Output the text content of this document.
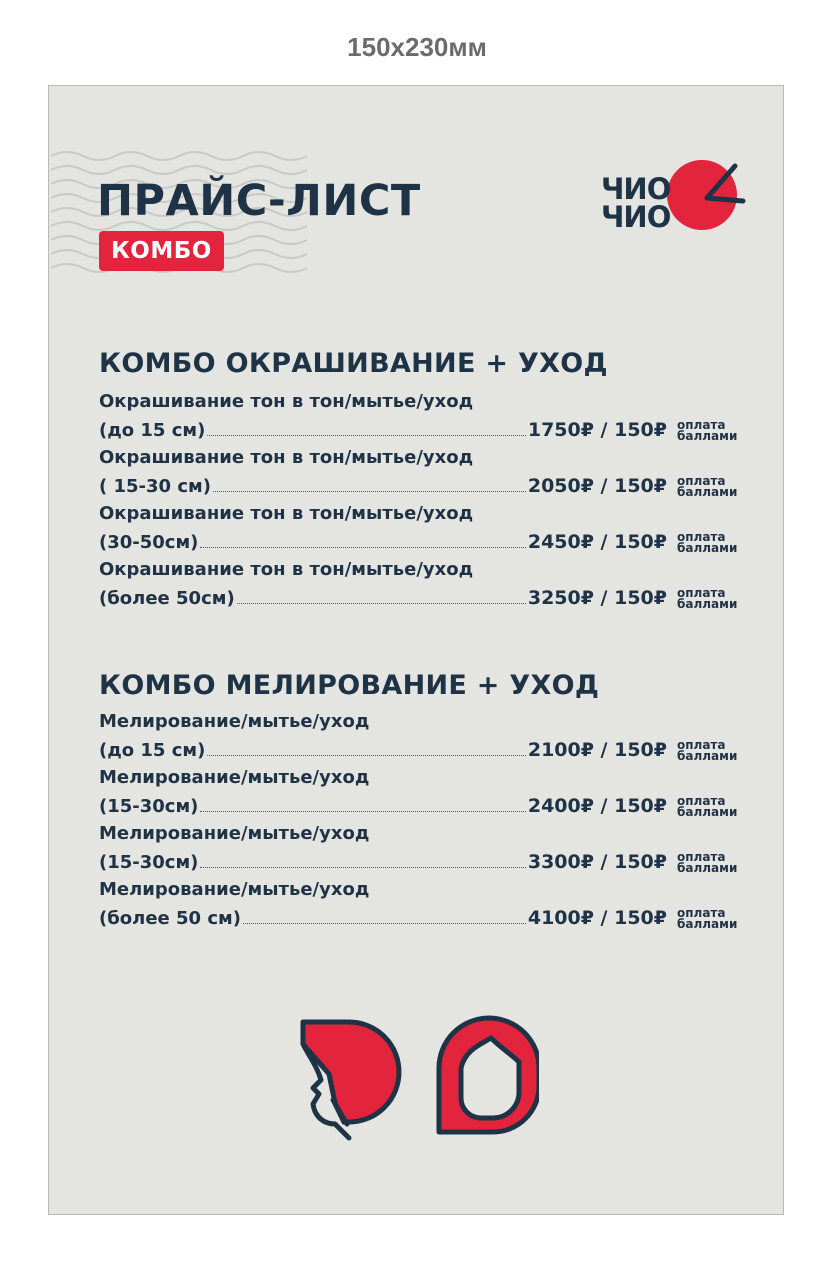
150x230мм
ПРАЙС-ЛИСТ
КОМБО
ЧИО
ЧИО
КОМБО ОКРАШИВАНИЕ + УХОД
Окрашивание тон в тон/мытье/уход
(до 15 см)	1750₽ / 150₽ оплата
баллами
Окрашивание тон в тон/мытье/уход
( 15-30 см)	2050₽ / 150₽ оплата
баллами
Окрашивание тон в тон/мытье/уход
(30-50см)	2450₽ / 150₽ оплата
баллами
Окрашивание тон в тон/мытье/уход
(более 50см)	3250₽ / 150₽ оплата
баллами
КОМБО МЕЛИРОВАНИЕ + УХОД
Мелирование/мытье/уход
(до 15 см)	2100₽ / 150₽ оплата
баллами
Мелирование/мытье/уход
(15-30см)	2400₽ / 150₽ оплата
баллами
Мелирование/мытье/уход
(15-30см)	3300₽ / 150₽ оплата
баллами
Мелирование/мытье/уход
(более 50 см)	4100₽ / 150₽ оплата
баллами
